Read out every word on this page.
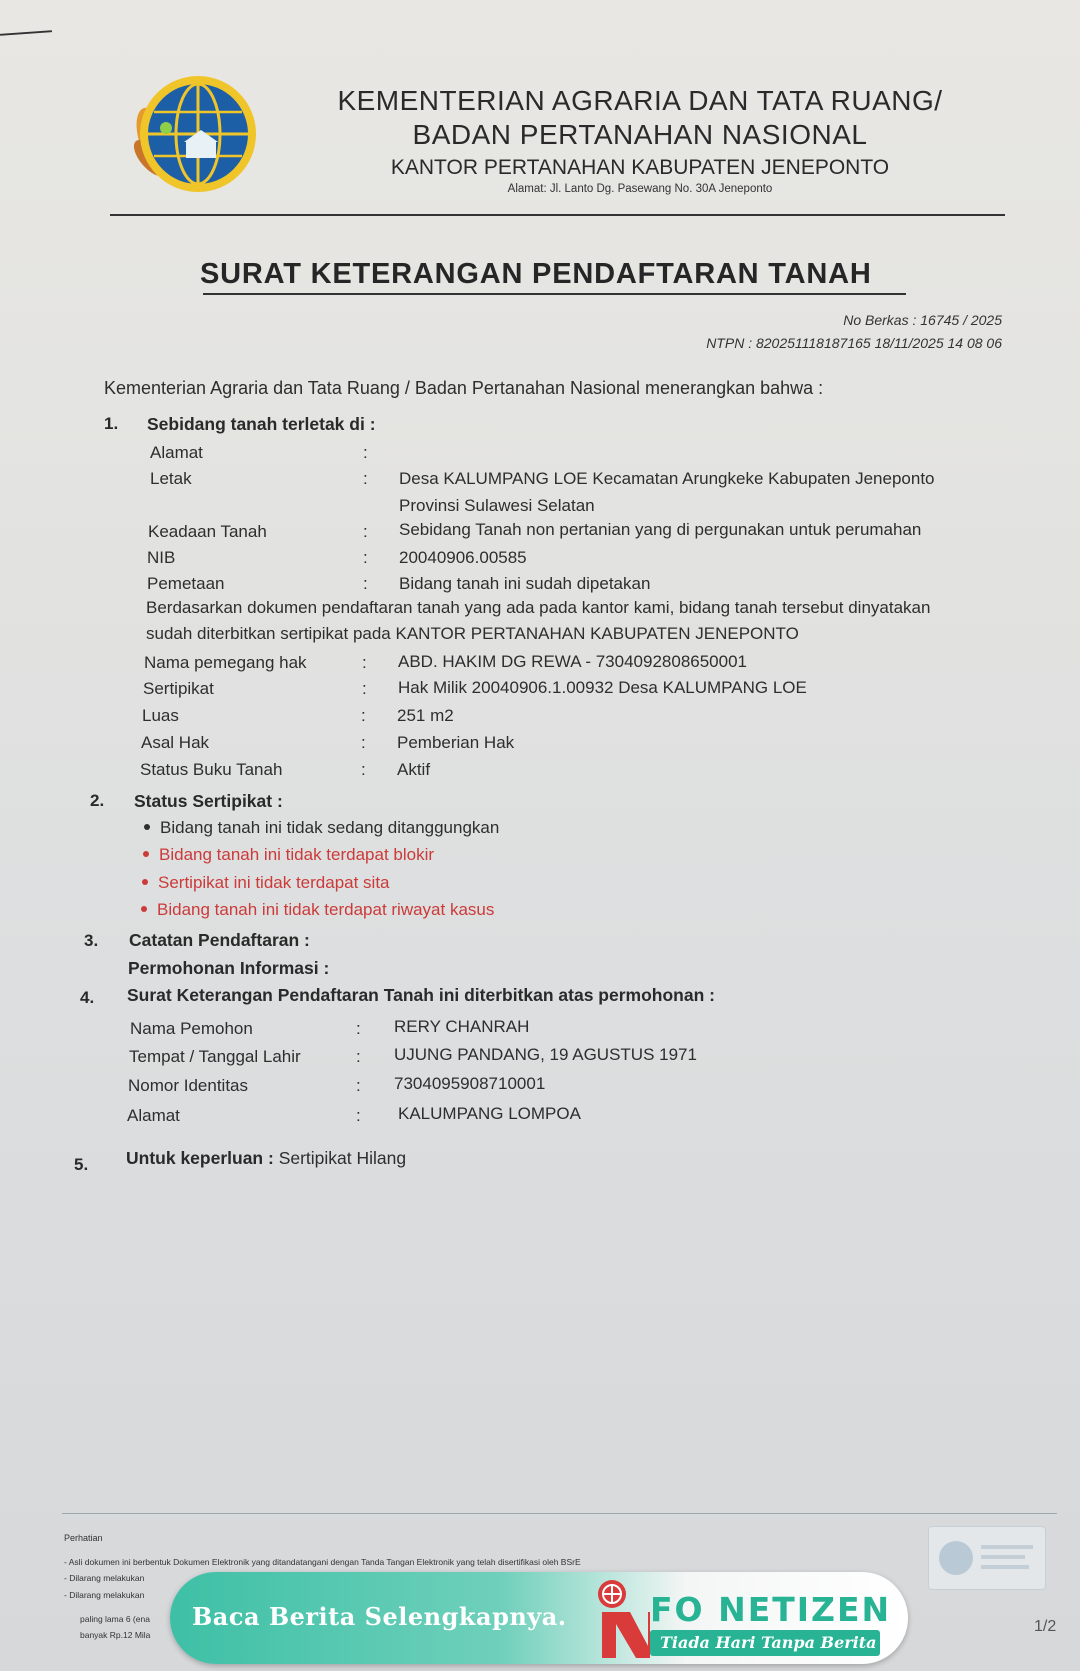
KEMENTERIAN AGRARIA DAN TATA RUANG/
BADAN PERTANAHAN NASIONAL
KANTOR PERTANAHAN KABUPATEN JENEPONTO
Alamat: Jl. Lanto Dg. Pasewang No. 30A Jeneponto
SURAT KETERANGAN PENDAFTARAN TANAH
No Berkas : 16745 / 2025
NTPN : 820251118187165 18/11/2025 14 08 06
Kementerian Agraria dan Tata Ruang / Badan Pertanahan Nasional menerangkan bahwa :
1. Sebidang tanah terletak di :
Alamat	:
Letak	: Desa KALUMPANG LOE Kecamatan Arungkeke Kabupaten Jeneponto
Provinsi Sulawesi Selatan
Keadaan Tanah	: Sebidang Tanah non pertanian yang di pergunakan untuk perumahan
NIB	: 20040906.00585
Pemetaan	: Bidang tanah ini sudah dipetakan
Berdasarkan dokumen pendaftaran tanah yang ada pada kantor kami, bidang tanah tersebut dinyatakan
sudah diterbitkan sertipikat pada KANTOR PERTANAHAN KABUPATEN JENEPONTO
Nama pemegang hak	: ABD. HAKIM DG REWA - 7304092808650001
Sertipikat	: Hak Milik 20040906.1.00932 Desa KALUMPANG LOE
Luas	: 251 m2
Asal Hak	: Pemberian Hak
Status Buku Tanah	: Aktif
2. Status Sertipikat :
Bidang tanah ini tidak sedang ditanggungkan
Bidang tanah ini tidak terdapat blokir
Sertipikat ini tidak terdapat sita
Bidang tanah ini tidak terdapat riwayat kasus
3. Catatan Pendaftaran :
Permohonan Informasi :
4. Surat Keterangan Pendaftaran Tanah ini diterbitkan atas permohonan :
Nama Pemohon	: RERY CHANRAH
Tempat / Tanggal Lahir	: UJUNG PANDANG, 19 AGUSTUS 1971
Nomor Identitas	: 7304095908710001
Alamat	: KALUMPANG LOMPOA
5. Untuk keperluan : Sertipikat Hilang
Perhatian
- Asli dokumen ini berbentuk Dokumen Elektronik yang ditandatangani dengan Tanda Tangan Elektronik yang telah disertifikasi oleh BSrE
- Dilarang melakukan
- Dilarang melakukan
paling lama 6 (ena
banyak Rp.12 Mila	1/2
Baca Berita Selengkapnya.	FO NETIZEN
Tiada Hari Tanpa Berita
